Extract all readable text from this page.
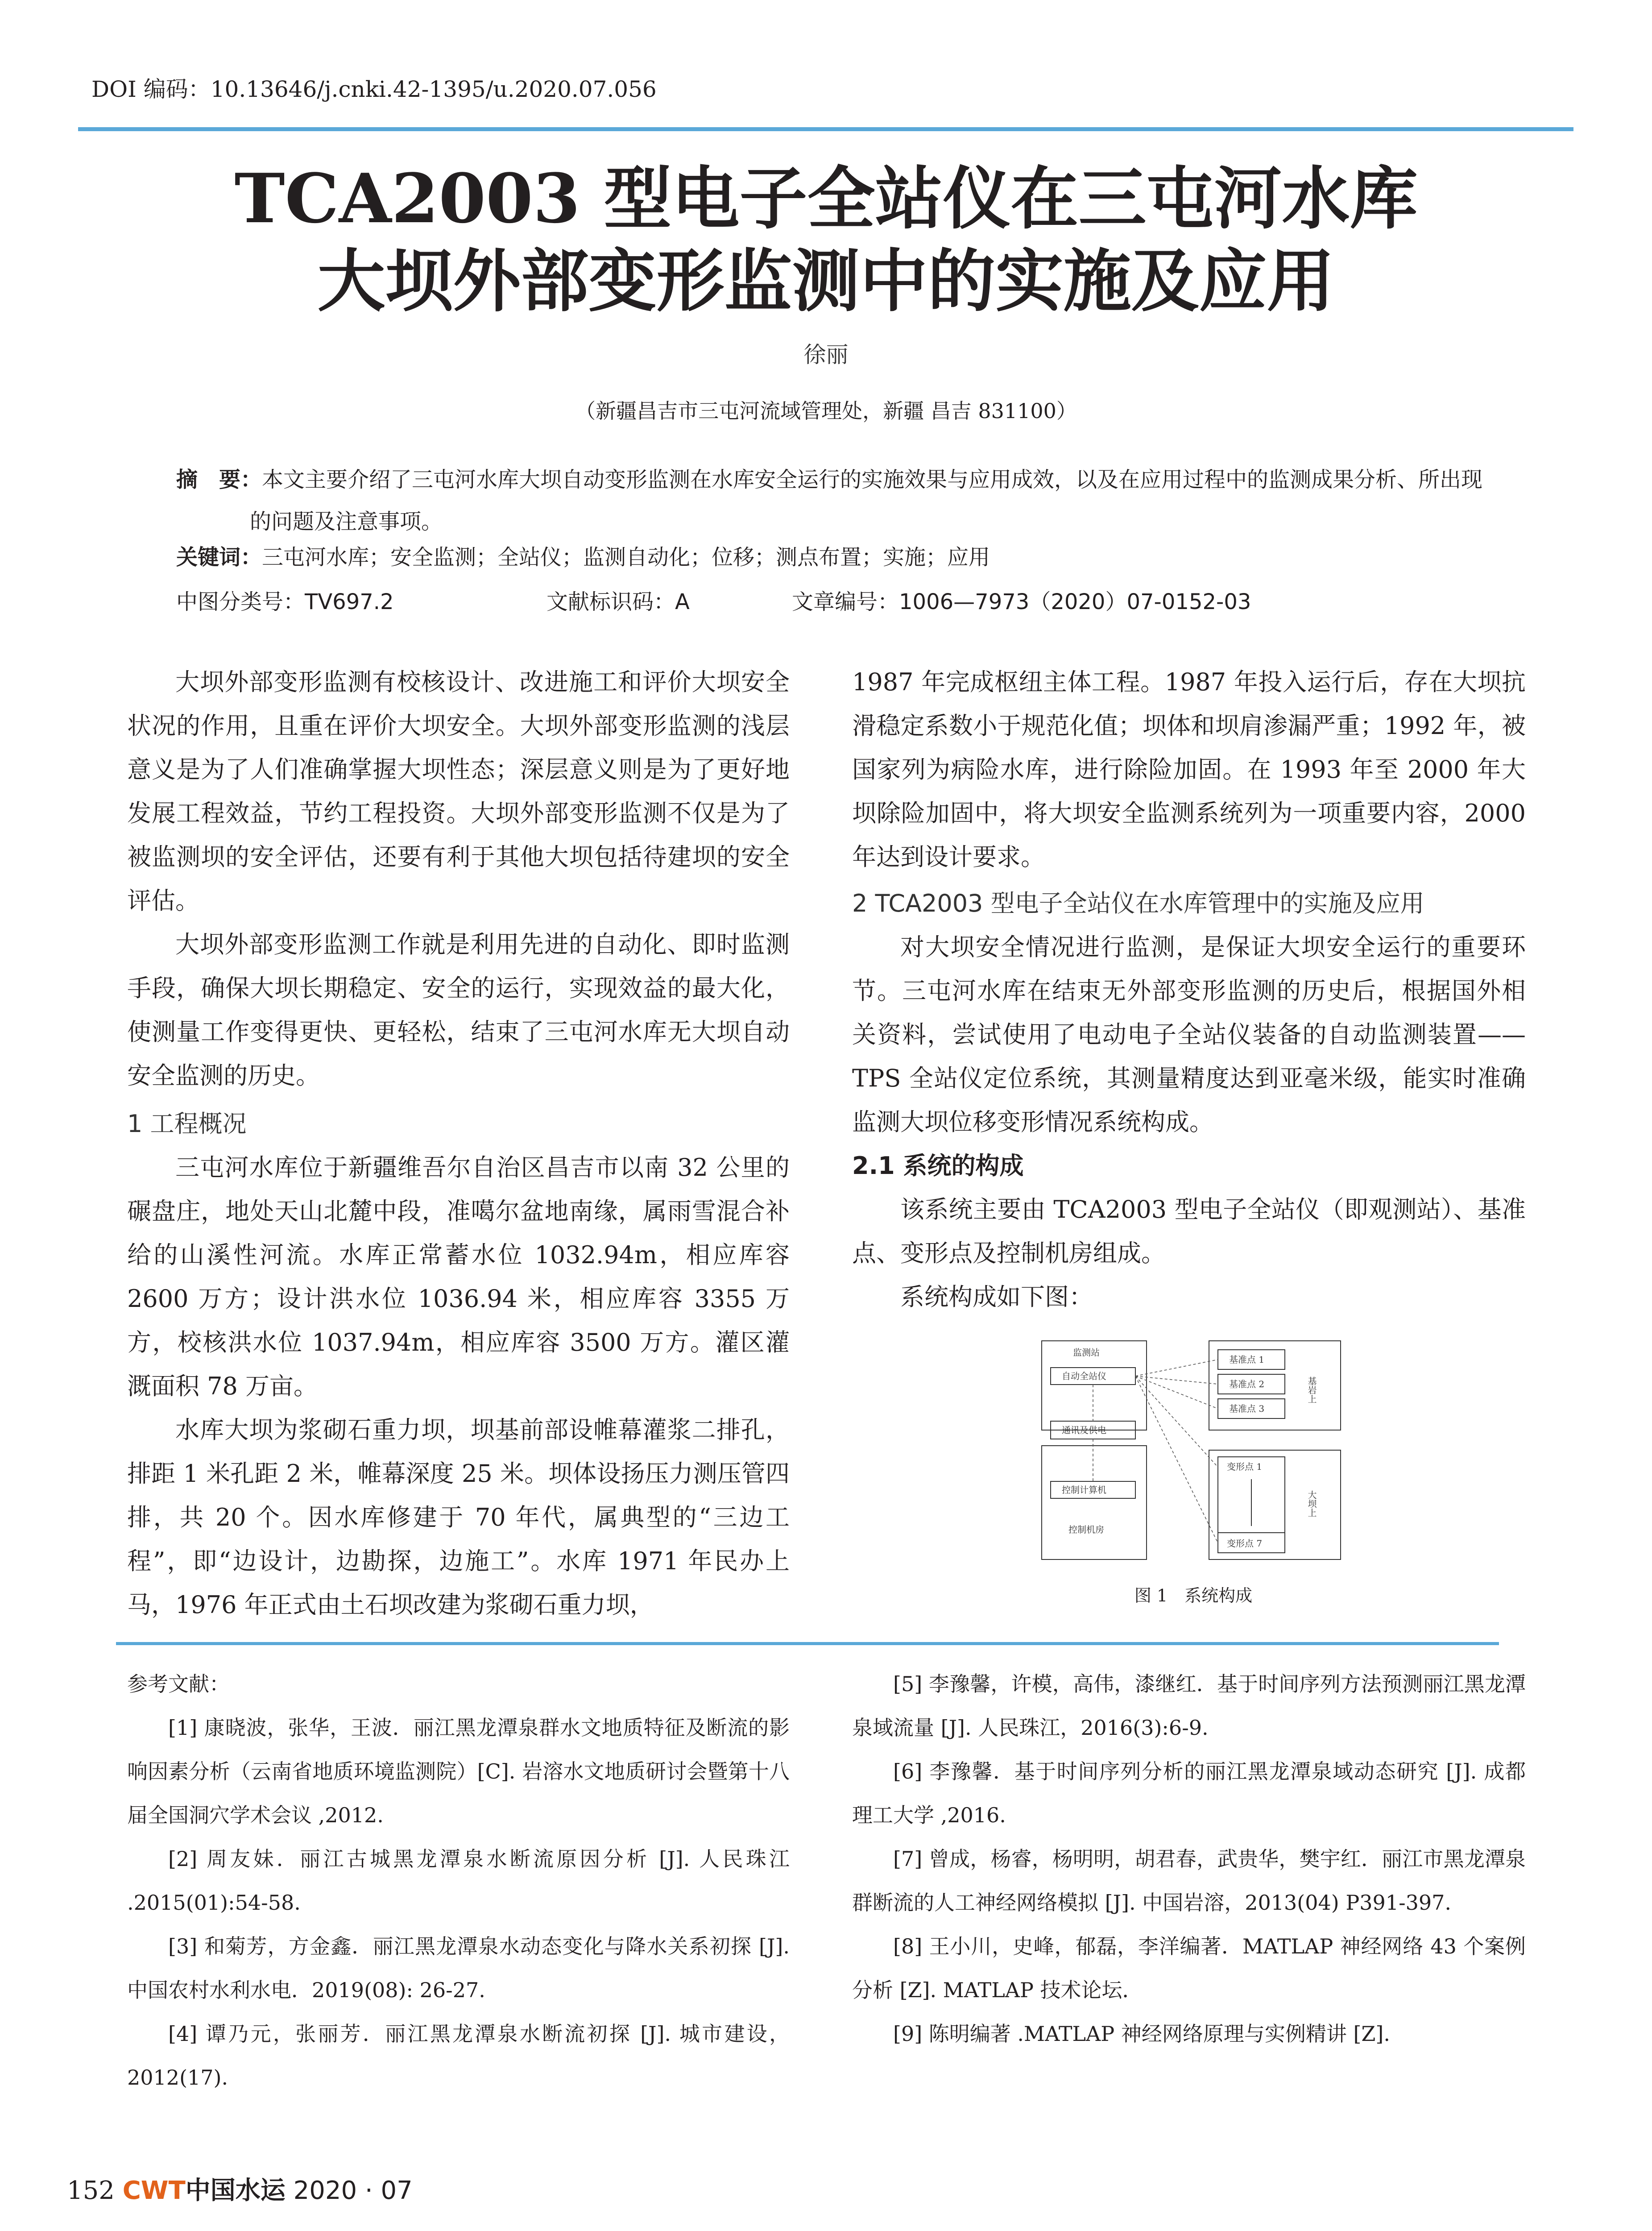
DOI 编码：10.13646/j.cnki.42-1395/u.2020.07.056
TCA2003 型电子全站仪在三屯河水库
大坝外部变形监测中的实施及应用
徐丽
（新疆昌吉市三屯河流域管理处，新疆 昌吉 831100）
摘　要：本文主要介绍了三屯河水库大坝自动变形监测在水库安全运行的实施效果与应用成效，以及在应用过程中的监测成果分析、所出现的问题及注意事项。
关键词：三屯河水库；安全监测；全站仪；监测自动化；位移；测点布置；实施；应用
中图分类号：TV697.2	文献标识码：A	文章编号：1006—7973（2020）07-0152-03

大坝外部变形监测有校核设计、改进施工和评价大坝安全状况的作用，且重在评价大坝安全。大坝外部变形监测的浅层意义是为了人们准确掌握大坝性态；深层意义则是为了更好地发展工程效益，节约工程投资。大坝外部变形监测不仅是为了被监测坝的安全评估，还要有利于其他大坝包括待建坝的安全评估。

大坝外部变形监测工作就是利用先进的自动化、即时监测手段，确保大坝长期稳定、安全的运行，实现效益的最大化，使测量工作变得更快、更轻松，结束了三屯河水库无大坝自动安全监测的历史。

1 工程概况

三屯河水库位于新疆维吾尔自治区昌吉市以南 32 公里的碾盘庄，地处天山北麓中段，准噶尔盆地南缘，属雨雪混合补给的山溪性河流。水库正常蓄水位 1032.94m，相应库容 2600 万方；设计洪水位 1036.94 米，相应库容 3355 万方，校核洪水位 1037.94m，相应库容 3500 万方。灌区灌溉面积 78 万亩。

水库大坝为浆砌石重力坝，坝基前部设帷幕灌浆二排孔，排距 1 米孔距 2 米，帷幕深度 25 米。坝体设扬压力测压管四排，共 20 个。因水库修建于 70 年代，属典型的“三边工程”，即“边设计，边勘探，边施工”。水库 1971 年民办上马，1976 年正式由土石坝改建为浆砌石重力坝，

1987 年完成枢纽主体工程。1987 年投入运行后，存在大坝抗滑稳定系数小于规范化值；坝体和坝肩渗漏严重；1992 年，被国家列为病险水库，进行除险加固。在 1993 年至 2000 年大坝除险加固中，将大坝安全监测系统列为一项重要内容，2000 年达到设计要求。

2 TCA2003 型电子全站仪在水库管理中的实施及应用

对大坝安全情况进行监测，是保证大坝安全运行的重要环节。三屯河水库在结束无外部变形监测的历史后，根据国外相关资料，尝试使用了电动电子全站仪装备的自动监测装置——TPS 全站仪定位系统，其测量精度达到亚毫米级，能实时准确监测大坝位移变形情况系统构成。

2.1 系统的构成

该系统主要由 TCA2003 型电子全站仪（即观测站）、基准点、变形点及控制机房组成。

系统构成如下图：

监测站
自动全站仪
通讯及供电
控制计算机
控制机房
基准点 1
基准点 2
基准点 3
基岩上
变形点 1
变形点 7
大坝上
图 1　系统构成

参考文献：

[1] 康晓波，张华，王波．丽江黑龙潭泉群水文地质特征及断流的影响因素分析（云南省地质环境监测院）[C]. 岩溶水文地质研讨会暨第十八届全国洞穴学术会议 ,2012.

[2] 周友妹．丽江古城黑龙潭泉水断流原因分析 [J]. 人民珠江 .2015(01):54-58.

[3] 和菊芳，方金鑫．丽江黑龙潭泉水动态变化与降水关系初探 [J]. 中国农村水利水电．2019(08): 26-27.

[4] 谭乃元，张丽芳．丽江黑龙潭泉水断流初探 [J]. 城市建设，2012(17).

[5] 李豫馨，许模，高伟，漆继红．基于时间序列方法预测丽江黑龙潭泉域流量 [J]. 人民珠江，2016(3):6-9.

[6] 李豫馨．基于时间序列分析的丽江黑龙潭泉域动态研究 [J]. 成都理工大学 ,2016.

[7] 曾成，杨睿，杨明明，胡君春，武贵华，樊宇红．丽江市黑龙潭泉群断流的人工神经网络模拟 [J]. 中国岩溶，2013(04) P391-397.

[8] 王小川，史峰，郁磊，李洋编著．MATLAP 神经网络 43 个案例分析 [Z]. MATLAP 技术论坛．

[9] 陈明编著 .MATLAP 神经网络原理与实例精讲 [Z].

152 CWT中国水运 2020 · 07
